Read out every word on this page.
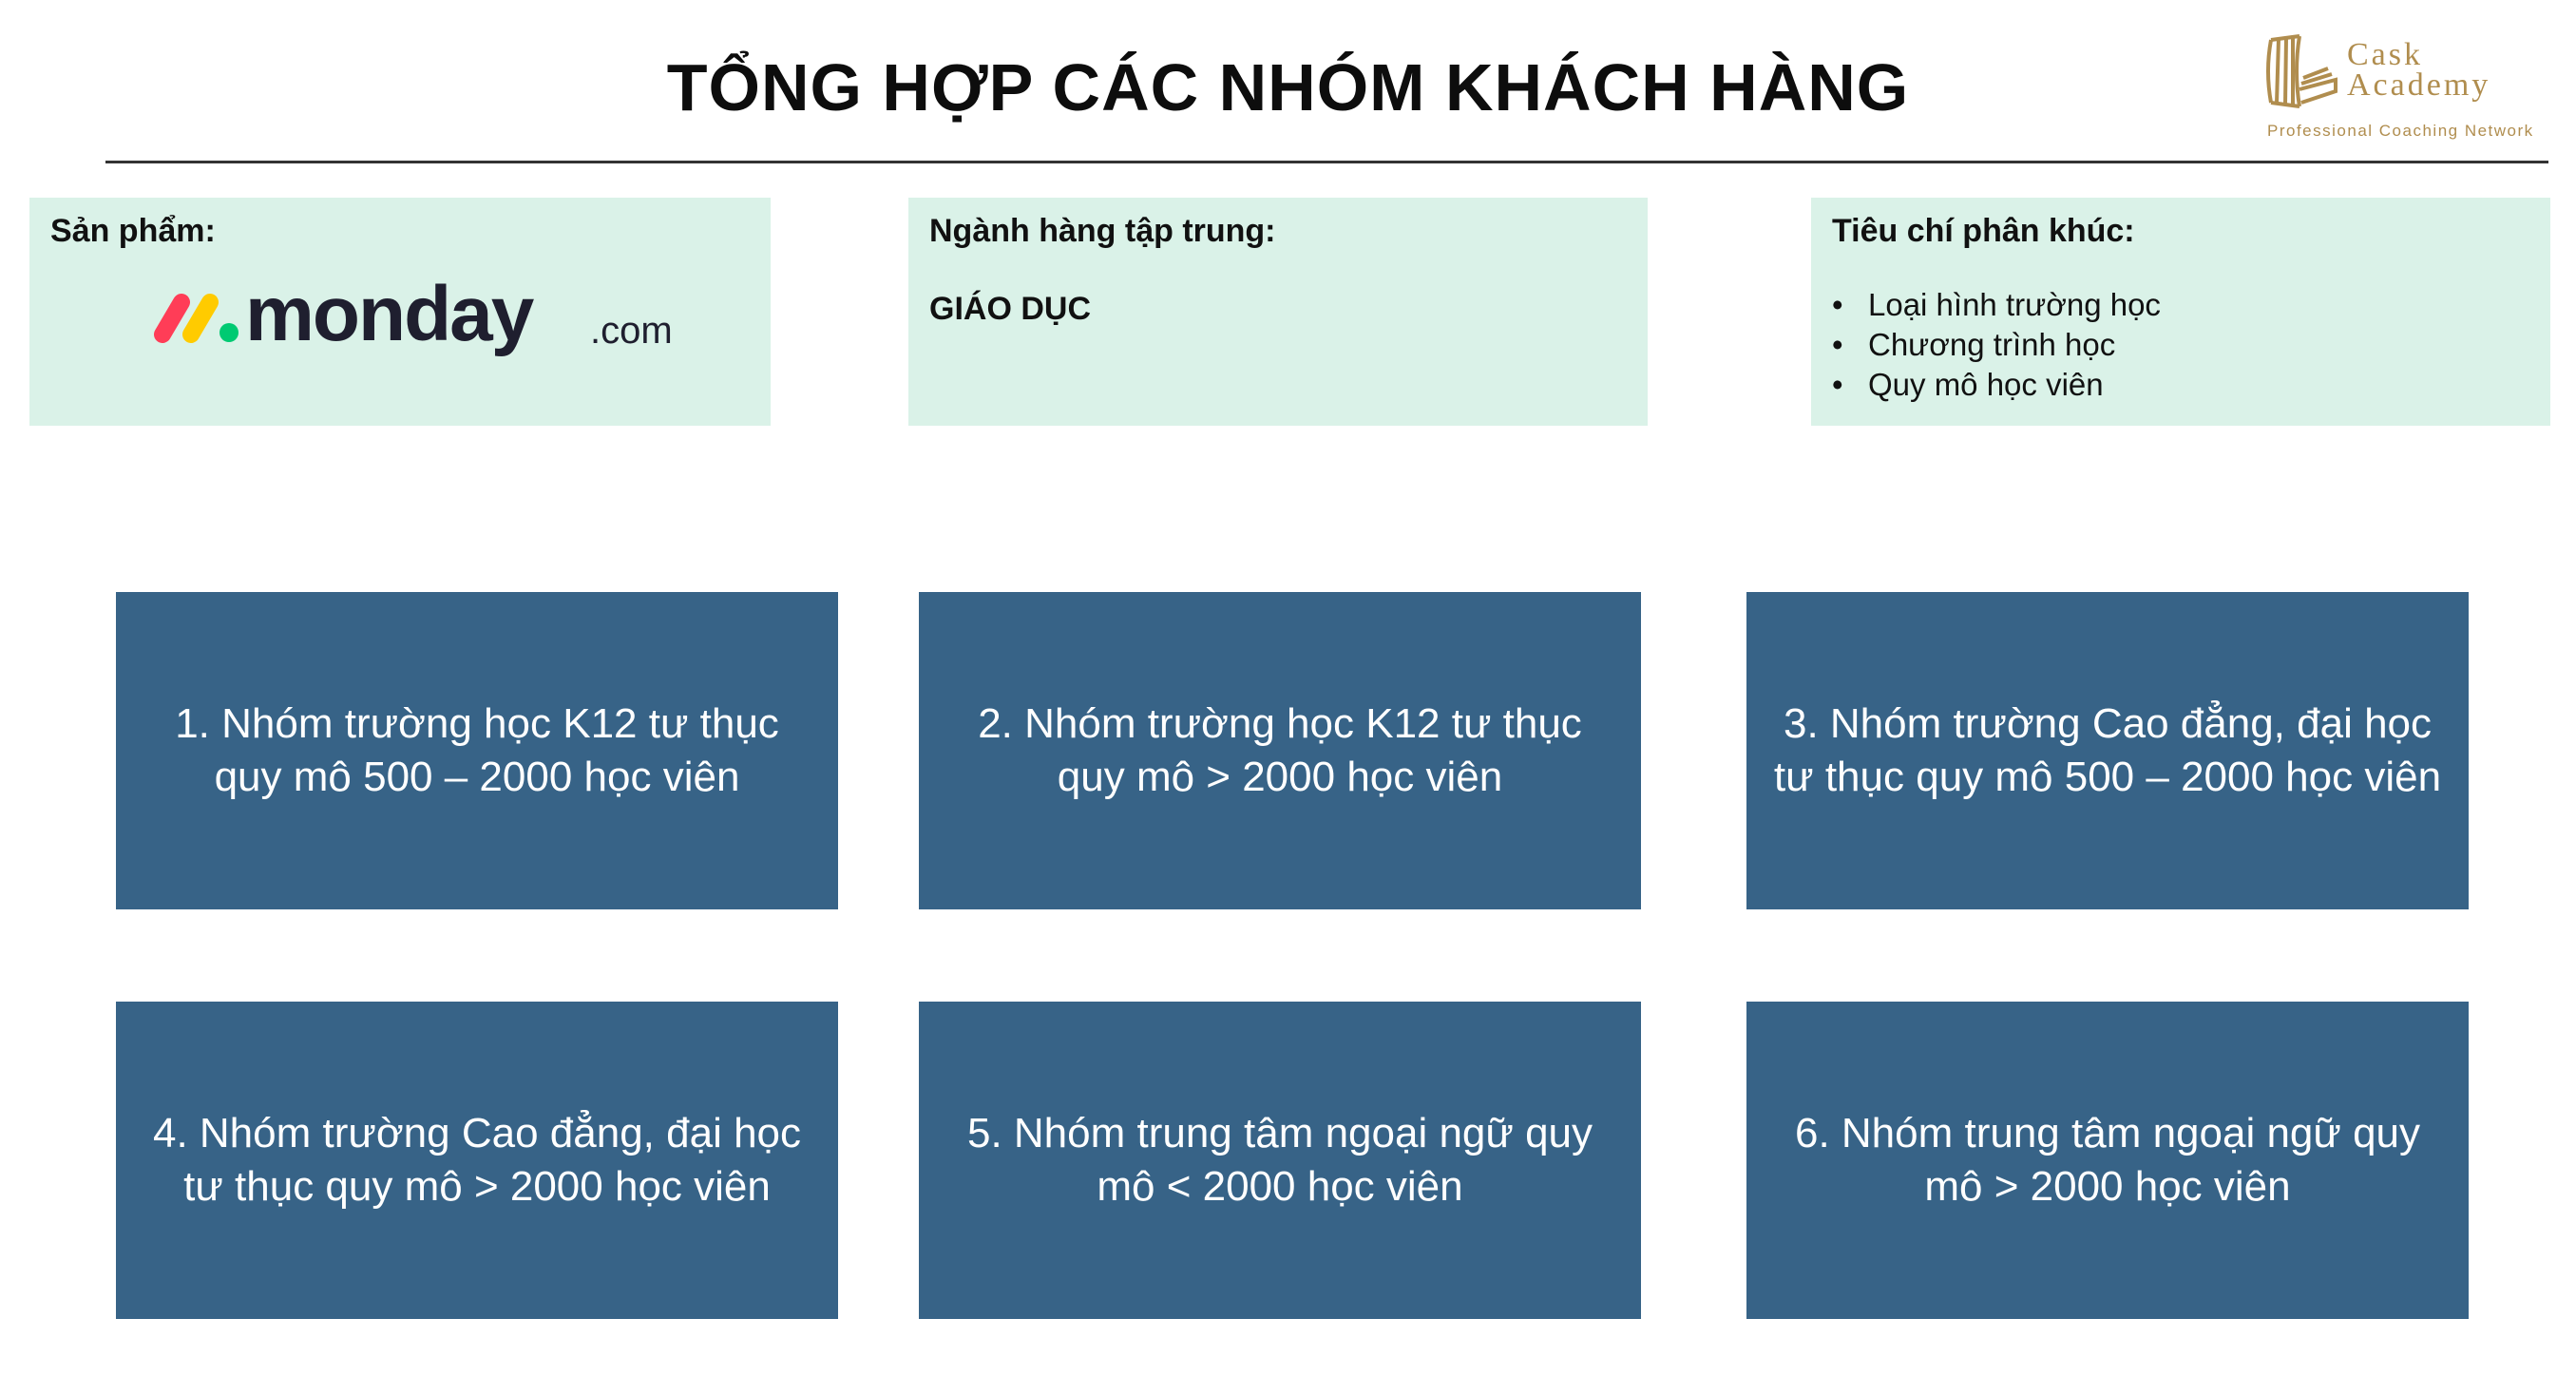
TỔNG HỢP CÁC NHÓM KHÁCH HÀNG	Cask
Academy
Professional Coaching Network
Sản phẩm:
monday .com
Ngành hàng tập trung:
GIÁO DỤC
Tiêu chí phân khúc:
• Loại hình trường học
• Chương trình học
• Quy mô học viên
1. Nhóm trường học K12 tư thục quy mô 500 – 2000 học viên
2. Nhóm trường học K12 tư thục quy mô > 2000 học viên
3. Nhóm trường Cao đẳng, đại học tư thục quy mô 500 – 2000 học viên
4. Nhóm trường Cao đẳng, đại học tư thục quy mô > 2000 học viên
5. Nhóm trung tâm ngoại ngữ quy mô < 2000 học viên
6. Nhóm trung tâm ngoại ngữ quy mô > 2000 học viên
